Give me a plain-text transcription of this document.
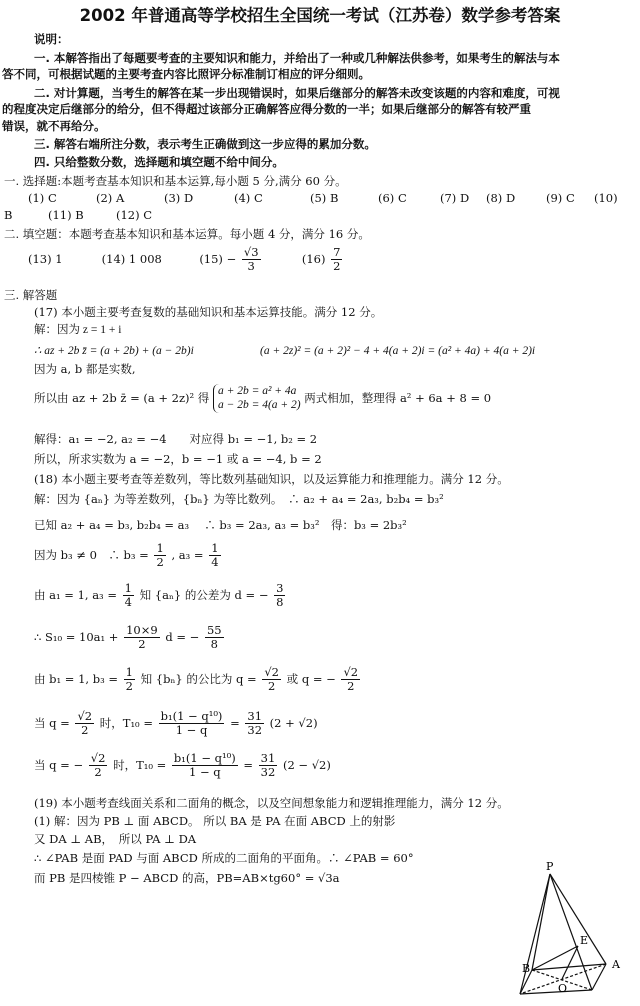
2002 年普通高等学校招生全国统一考试（江苏卷）数学参考答案
说明：
一. 本解答指出了每题要考查的主要知识和能力，并给出了一种或几种解法供参考，如果考生的解法与本
答不同，可根据试题的主要考查内容比照评分标准制订相应的评分细则。
二. 对计算题，当考生的解答在某一步出现错误时，如果后继部分的解答未改变该题的内容和难度，可视
的程度决定后继部分的给分，但不得超过该部分正确解答应得分数的一半；如果后继部分的解答有较严重
错误，就不再给分。
三. 解答右端所注分数，表示考生正确做到这一步应得的累加分数。
四. 只给整数分数，选择题和填空题不给中间分。
一. 选择题:本题考查基本知识和基本运算,每小题 5 分,满分 60 分。
(1) C	(2) A	(3) D	(4) C	(5) B	(6) C	(7) D (8) D	(9) C (10)
B	(11) B	(12) C
二. 填空题：本题考查基本知识和基本运算。每小题 4 分，满分 16 分。
(13) 1	(14) 1 008	$(15) - \frac{√3}{3}$	$(16) \frac{7}{2}$
三. 解答题
(17) 本小题主要考查复数的基础知识和基本运算技能。满分 12 分。
解：因为 z = 1 + i
∴ az + 2b z̄ = (a + 2b) + (a − 2b)i	(a + 2z)² = (a + 2)² − 4 + 4(a + 2)i = (a² + 4a) + 4(a + 2)i
因为 a, b 都是实数,
所以由 az + 2b z̄ = (a + 2z)² 得
a + 2b = a² + 4a
a − 2b = 4(a + 2)
两式相加，整理得 a² + 6a + 8 = 0
解得：a₁ = −2, a₂ = −4　　对应得 b₁ = −1, b₂ = 2
所以，所求实数为 a = −2，b = −1 或 a = −4, b = 2
(18) 本小题主要考查等差数列，等比数列基础知识，以及运算能力和推理能力。满分 12 分。
解：因为 {aₙ} 为等差数列，{bₙ} 为等比数列。　∴ a₂ + a₄ = 2a₃, b₂b₄ = b₃²
已知 a₂ + a₄ = b₃, b₂b₄ = a₃　 ∴ b₃ = 2a₃, a₃ = b₃²　得：b₃ = 2b₃²
因为 b₃ ≠ 0　∴ $b_3 = \frac{1}{2}$ , $a_3 = \frac{1}{4}$
由 a₁ = 1, $a_3 = \frac{1}{4}$ 知 {aₙ} 的公差为 d = − $\frac{3}{8}$
∴ $S_{10} = 10a_1 + \frac{10\times 9}{2}$ d = − $\frac{55}{8}$
由 b₁ = 1, $b_3 = \frac{1}{2}$ 知 {bₙ} 的公比为 $q = \frac{√2}{2}$ 或 q = − $\frac{√2}{2}$
当 $q = \frac{√2}{2}$ 时，$T_{10} = \frac{\text{b₁(1 − q¹⁰)}}{1 - q} = \frac{31}{32} (2 + √2)$
当 q = − $\frac{√2}{2}$ 时，$T_{10} = \frac{\text{b₁(1 − q¹⁰)}}{1 - q} = \frac{31}{32} (2 - √2)$
(19) 本小题考查线面关系和二面角的概念，以及空间想象能力和逻辑推理能力，满分 12 分。
(1) 解：因为 PB ⊥ 面 ABCD。 所以 BA 是 PA 在面 ABCD 上的射影
又 DA ⊥ AB，　所以 PA ⊥ DA
∴ ∠PAB 是面 PAD 与面 ABCD 所成的二面角的平面角。∴ ∠PAB = 60°
而 PB 是四棱锥 P − ABCD 的高，PB=AB×tg60° = √3a
P
E
B
O
A
